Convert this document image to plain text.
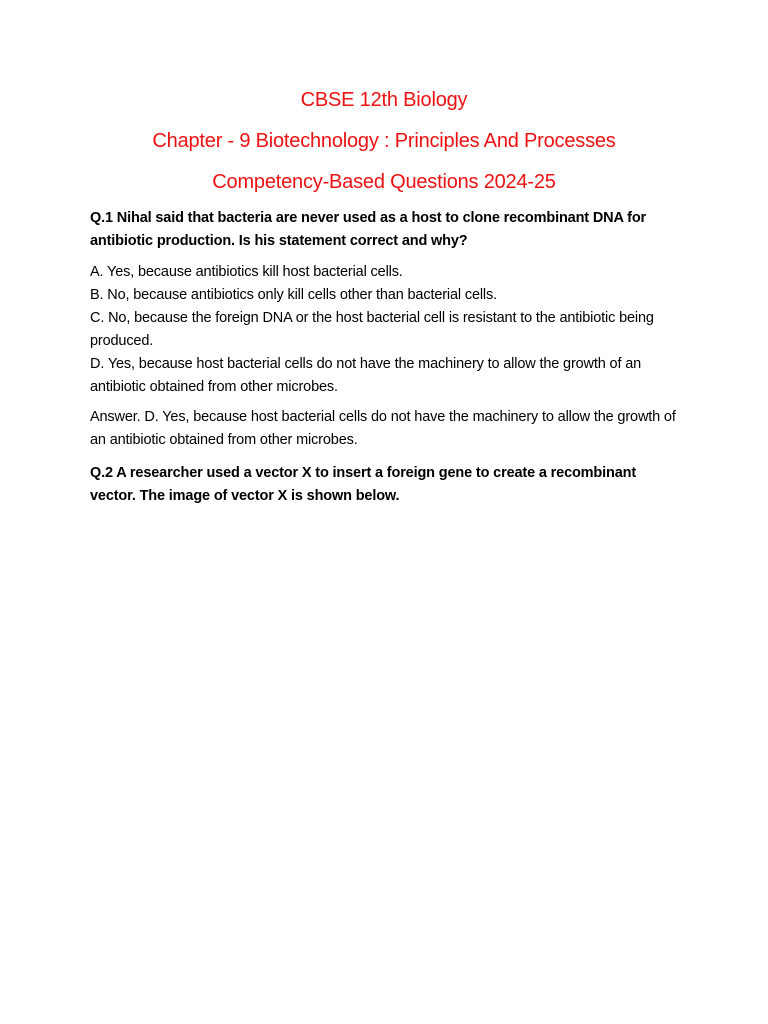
CBSE 12th Biology
Chapter - 9 Biotechnology : Principles And Processes
Competency-Based Questions 2024-25
Q.1 Nihal said that bacteria are never used as a host to clone recombinant DNA for antibiotic production. Is his statement correct and why?
A. Yes, because antibiotics kill host bacterial cells.
B. No, because antibiotics only kill cells other than bacterial cells.
C. No, because the foreign DNA or the host bacterial cell is resistant to the antibiotic being produced.
D. Yes, because host bacterial cells do not have the machinery to allow the growth of an antibiotic obtained from other microbes.
Answer. D. Yes, because host bacterial cells do not have the machinery to allow the growth of an antibiotic obtained from other microbes.
Q.2 A researcher used a vector X to insert a foreign gene to create a recombinant vector. The image of vector X is shown below.
